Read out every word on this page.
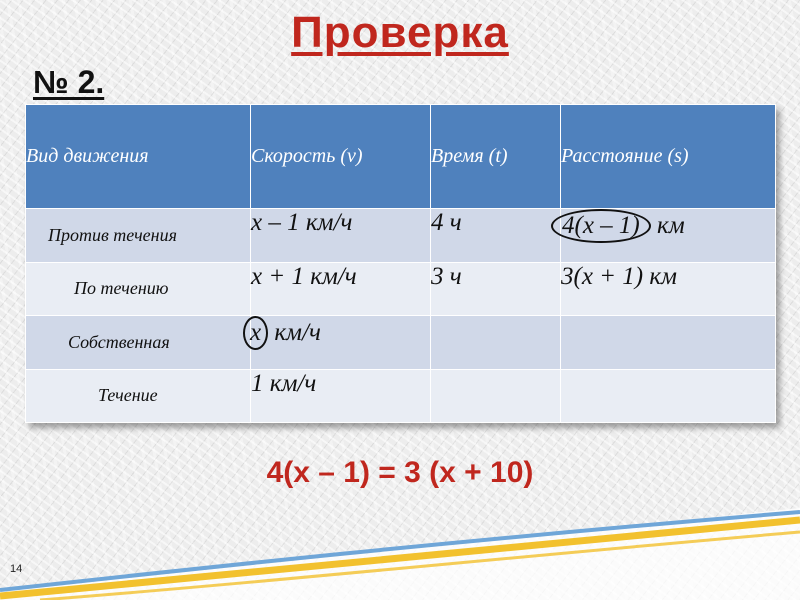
Проверка
№ 2.
Вид движения	Скорость (v)	Время (t)	Расстояние (s)
Против течения	x – 1 км/ч	4 ч	4(x – 1) км
По течению	x + 1 км/ч	3 ч	3(x + 1) км
Собственная	x км/ч		
Течение	1 км/ч		
4(x – 1) = 3 (x + 10)
14
